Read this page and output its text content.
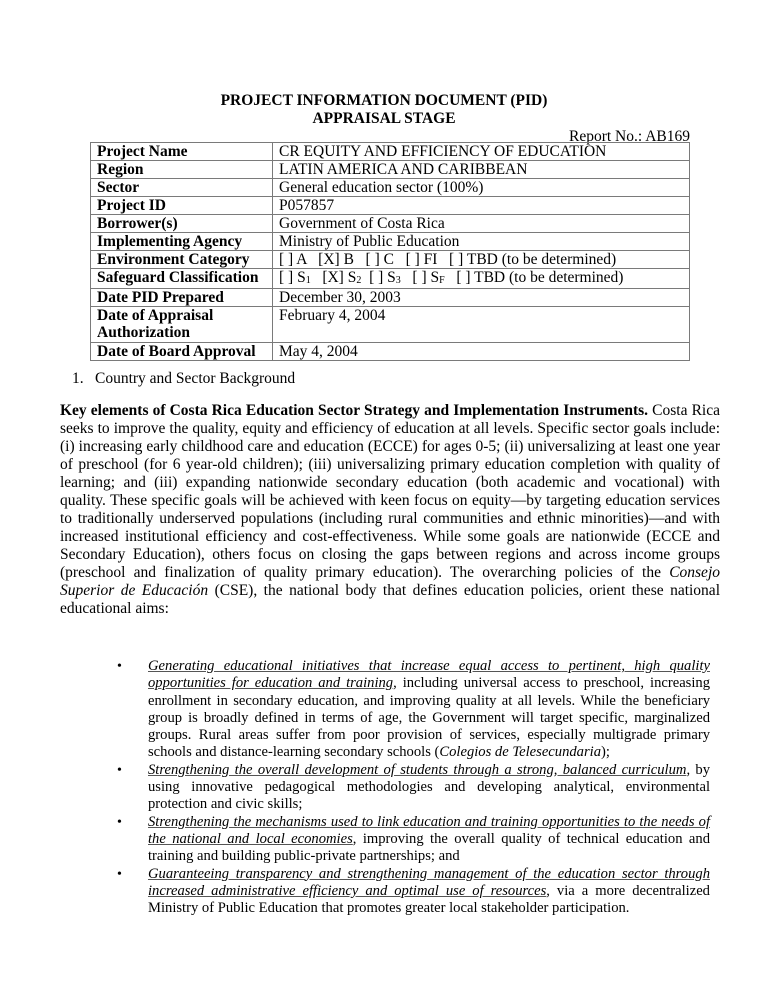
PROJECT INFORMATION DOCUMENT (PID)
APPRAISAL STAGE
Report No.: AB169
Project Name	CR EQUITY AND EFFICIENCY OF EDUCATION
Region	LATIN AMERICA AND CARIBBEAN
Sector	General education sector (100%)
Project ID	P057857
Borrower(s)	Government of Costa Rica
Implementing Agency	Ministry of Public Education
Environment Category	[ ] A   [X] B   [ ] C   [ ] FI   [ ] TBD (to be determined)
Safeguard Classification	[ ] $S_1$   [X] $S_2$  [ ] $S_3$   [ ] $S_F$   [ ] TBD (to be determined)
Date PID Prepared	December 30, 2003
Date of Appraisal Authorization	February 4, 2004
Date of Board Approval	May 4, 2004
1. Country and Sector Background
Key elements of Costa Rica Education Sector Strategy and Implementation Instruments. Costa Rica seeks to improve the quality, equity and efficiency of education at all levels. Specific sector goals include: (i) increasing early childhood care and education (ECCE) for ages 0-5; (ii) universalizing at least one year of preschool (for 6 year-old children); (iii) universalizing primary education completion with quality of learning; and (iii) expanding nationwide secondary education (both academic and vocational) with quality. These specific goals will be achieved with keen focus on equity—by targeting education services to traditionally underserved populations (including rural communities and ethnic minorities)—and with increased institutional efficiency and cost-effectiveness. While some goals are nationwide (ECCE and Secondary Education), others focus on closing the gaps between regions and across income groups (preschool and finalization of quality primary education). The overarching policies of the Consejo Superior de Educación (CSE), the national body that defines education policies, orient these national educational aims:
• Generating educational initiatives that increase equal access to pertinent, high quality opportunities for education and training, including universal access to preschool, increasing enrollment in secondary education, and improving quality at all levels. While the beneficiary group is broadly defined in terms of age, the Government will target specific, marginalized groups. Rural areas suffer from poor provision of services, especially multigrade primary schools and distance-learning secondary schools (Colegios de Telesecundaria);
• Strengthening the overall development of students through a strong, balanced curriculum, by using innovative pedagogical methodologies and developing analytical, environmental protection and civic skills;
• Strengthening the mechanisms used to link education and training opportunities to the needs of the national and local economies, improving the overall quality of technical education and training and building public-private partnerships; and
• Guaranteeing transparency and strengthening management of the education sector through increased administrative efficiency and optimal use of resources, via a more decentralized Ministry of Public Education that promotes greater local stakeholder participation.
